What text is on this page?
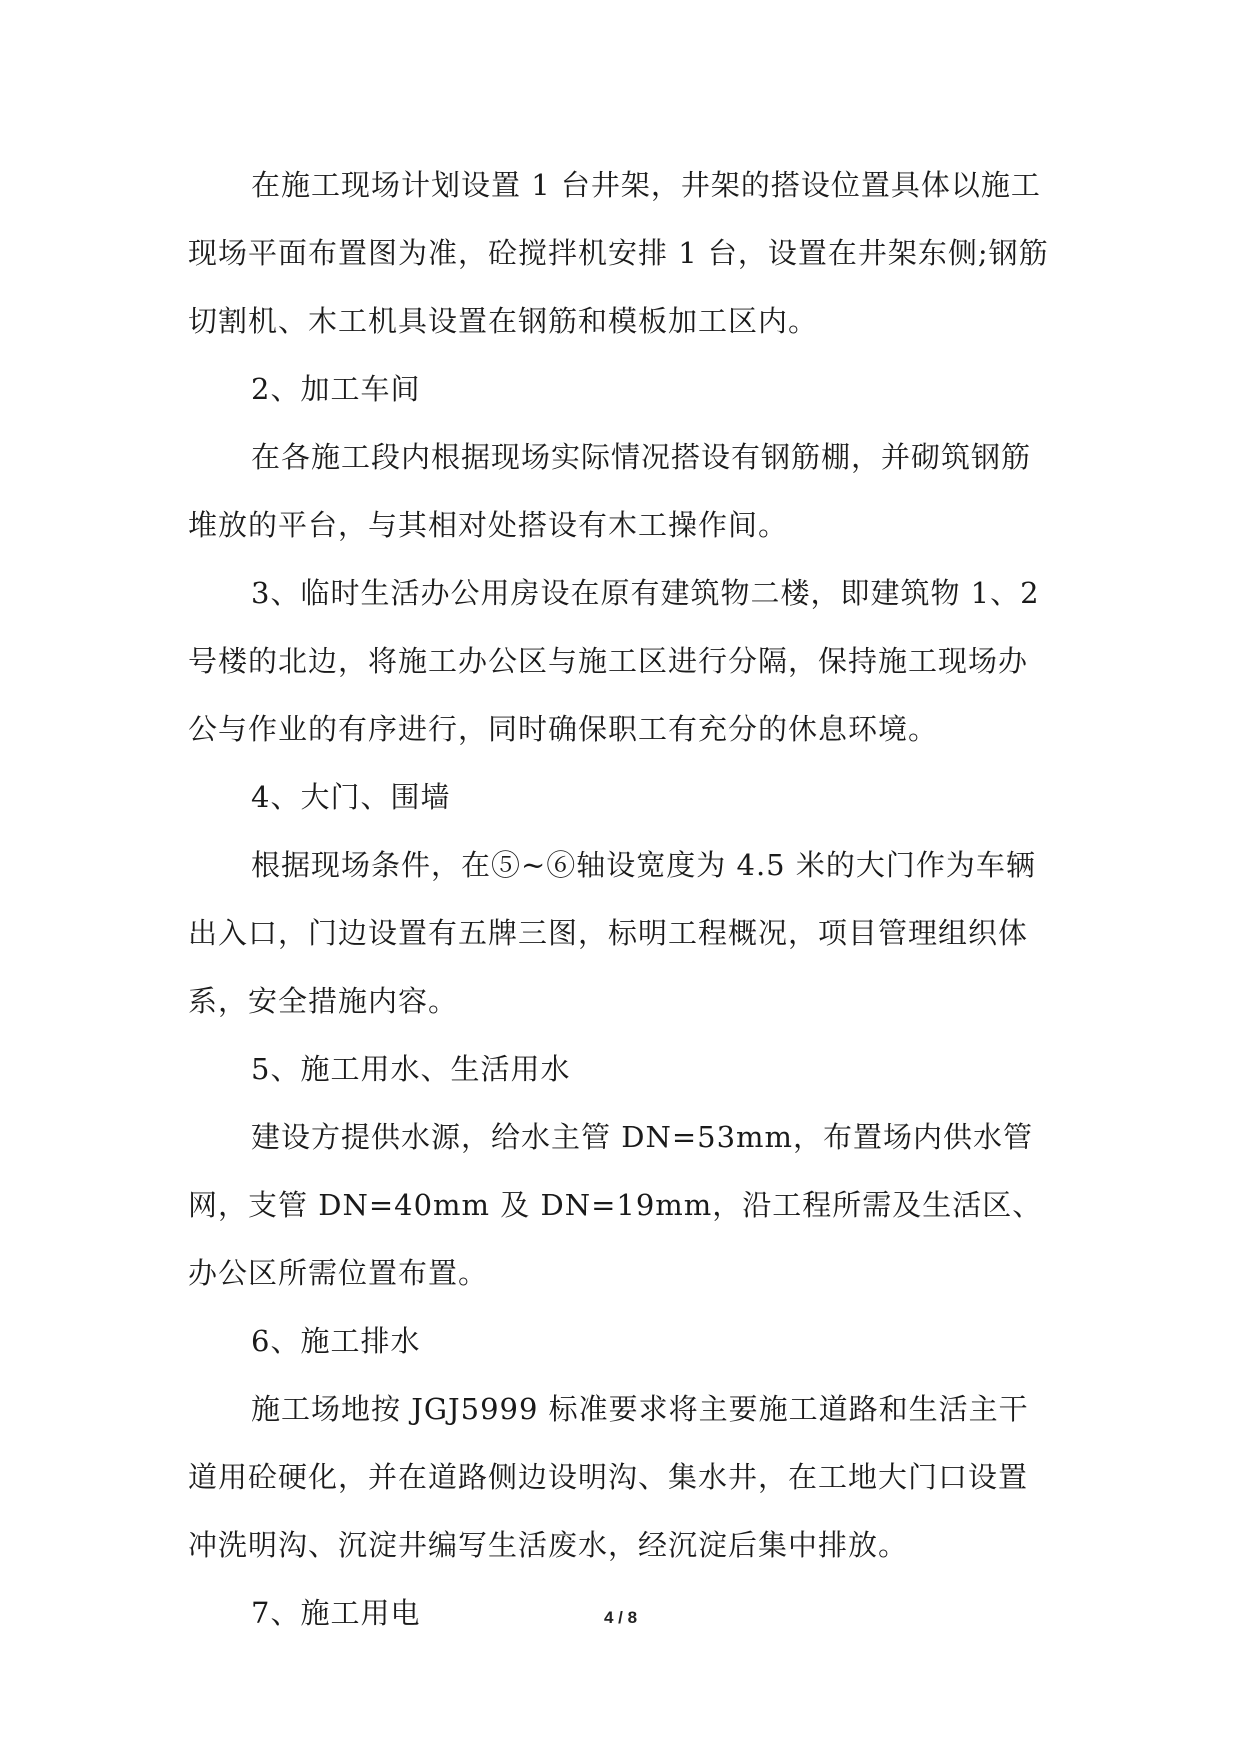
在施工现场计划设置 1 台井架，井架的搭设位置具体以施工现场平面布置图为准，砼搅拌机安排 1 台，设置在井架东侧;钢筋切割机、木工机具设置在钢筋和模板加工区内。

2、加工车间

在各施工段内根据现场实际情况搭设有钢筋棚，并砌筑钢筋堆放的平台，与其相对处搭设有木工操作间。

3、临时生活办公用房设在原有建筑物二楼，即建筑物 1、2 号楼的北边，将施工办公区与施工区进行分隔，保持施工现场办公与作业的有序进行，同时确保职工有充分的休息环境。

4、大门、围墙

根据现场条件，在⑤~⑥轴设宽度为 4.5 米的大门作为车辆出入口，门边设置有五牌三图，标明工程概况，项目管理组织体系，安全措施内容。

5、施工用水、生活用水

建设方提供水源，给水主管 DN=53mm，布置场内供水管网，支管 DN=40mm 及 DN=19mm，沿工程所需及生活区、办公区所需位置布置。

6、施工排水

施工场地按 JGJ5999 标准要求将主要施工道路和生活主干道用砼硬化，并在道路侧边设明沟、集水井，在工地大门口设置冲洗明沟、沉淀井编写生活废水，经沉淀后集中排放。

7、施工用电	4 / 8
